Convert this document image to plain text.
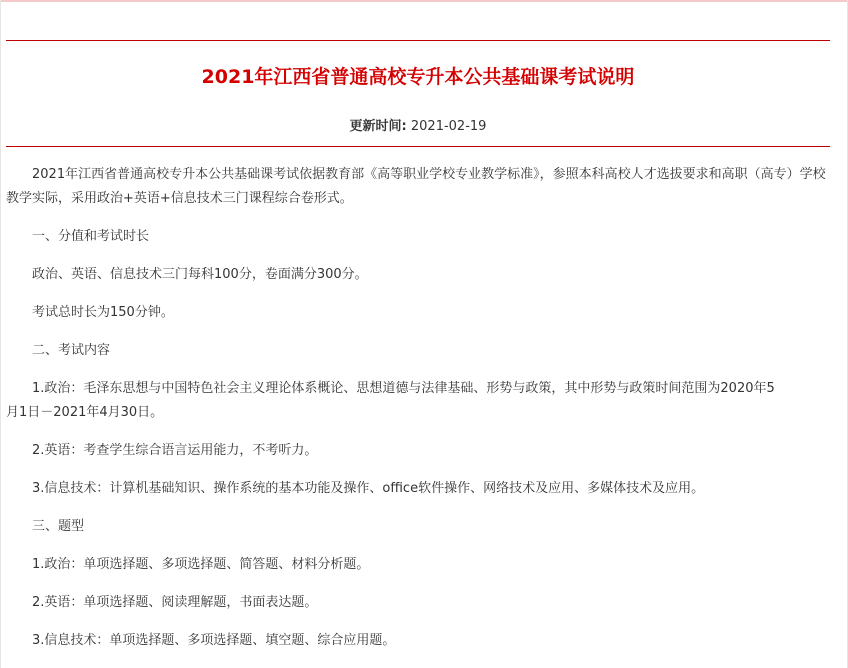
2021年江西省普通高校专升本公共基础课考试说明
更新时间: 2021-02-19

2021年江西省普通高校专升本公共基础课考试依据教育部《高等职业学校专业教学标准》，参照本科高校人才选拔要求和高职（高专）学校教学实际，采用政治+英语+信息技术三门课程综合卷形式。

一、分值和考试时长

政治、英语、信息技术三门每科100分，卷面满分300分。

考试总时长为150分钟。

二、考试内容

1.政治：毛泽东思想与中国特色社会主义理论体系概论、思想道德与法律基础、形势与政策，其中形势与政策时间范围为2020年5

月1日－2021年4月30日。

2.英语：考查学生综合语言运用能力，不考听力。

3.信息技术：计算机基础知识、操作系统的基本功能及操作、office软件操作、网络技术及应用、多媒体技术及应用。

三、题型

1.政治：单项选择题、多项选择题、简答题、材料分析题。

2.英语：单项选择题、阅读理解题，书面表达题。

3.信息技术：单项选择题、多项选择题、填空题、综合应用题。
